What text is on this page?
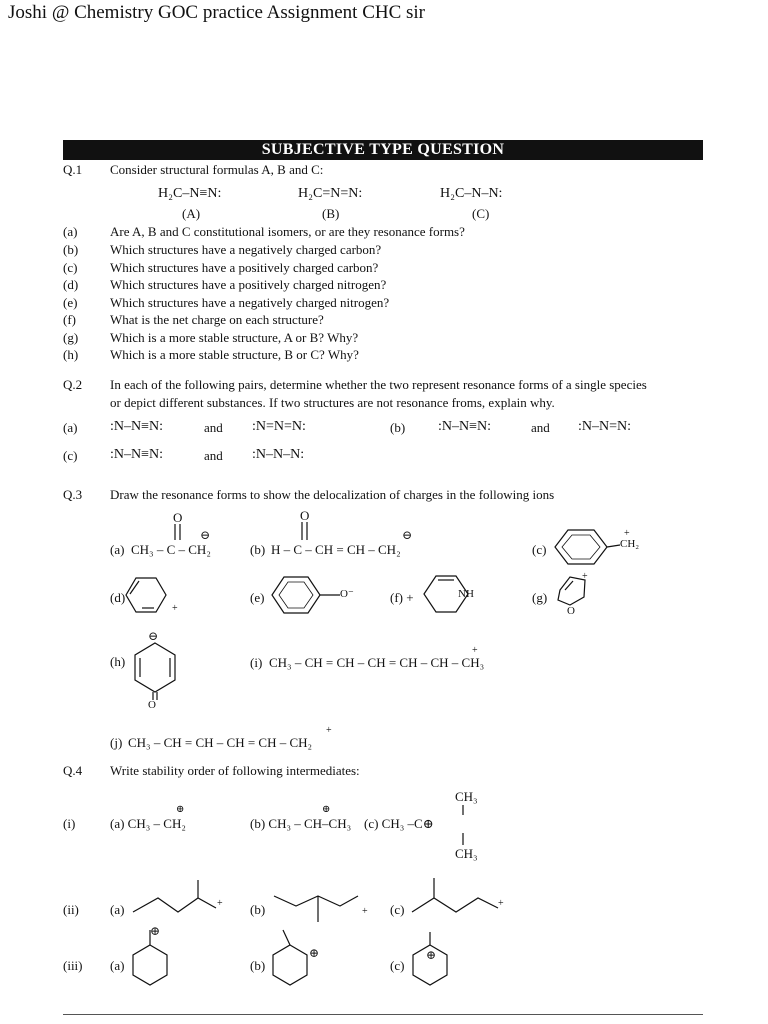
Joshi @ Chemistry GOC practice Assignment CHC sir
SUBJECTIVE TYPE QUESTION
Q.1 Consider structural formulas A, B and C:
H₂C–N≡N:
(A)
H₂C=N=N:
(B)
H₂C–N–N:
(C)
(a)	Are A, B and C constitutional isomers, or are they resonance forms?
(b) Which structures have a negatively charged carbon?
(c)	Which structures have a positively charged carbon?
(d) Which structures have a positively charged nitrogen?
(e)	Which structures have a negatively charged nitrogen?
(f)	What is the net charge on each structure?
(g) Which is a more stable structure, A or B? Why?
(h) Which is a more stable structure, B or C? Why?
Q.2 In each of the following pairs, determine whether the two represent resonance forms of a single species
or depict different substances. If two structures are not resonance froms, explain why.
(a) :N–N≡N:	and :N=N=N:	(b) :N–N≡N:	and :N–N=N:
(c) :N–N≡N:	and :N–N–N:
Q.3 Draw the resonance forms to show the delocalization of charges in the following ions
(a) CH₃ – C – CH₂
O
⊖
(b) H – C – CH = CH – CH₂
O
⊖
(c)	CH₂
+
(d)
+
(e)	O⁻	(f) +	NH	(g)
O
+
(h)
O
⊖
(i) CH₃ – CH = CH – CH = CH – CH – CH₃
+
(j) CH₃ – CH = CH – CH = CH – CH₂
+
Q.4 Write stability order of following intermediates:
(i)	(a) CH₃ – CH₂
⊕
(b) CH₃ – CH–CH₃
⊕
(c) CH₃ –C⊕
CH₃
CH₃
(ii) (a)	+ (b)	+ (c)	+
(iii) (a)
⊕
(b)
⊕
(c)
⊕
